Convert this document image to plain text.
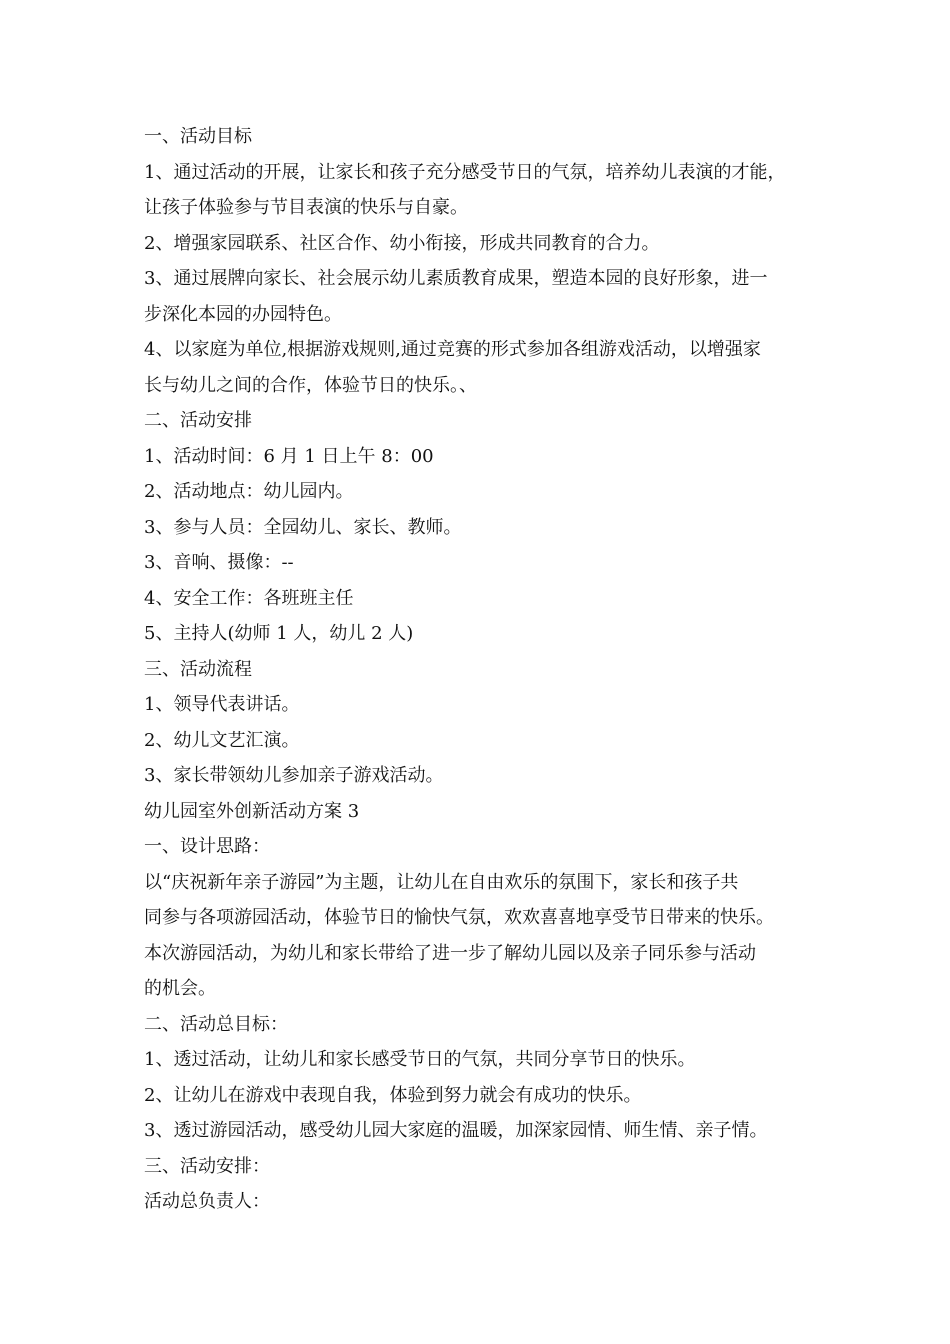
一、活动目标
1、通过活动的开展，让家长和孩子充分感受节日的气氛，培养幼儿表演的才能，
让孩子体验参与节目表演的快乐与自豪。
2、增强家园联系、社区合作、幼小衔接，形成共同教育的合力。
3、通过展牌向家长、社会展示幼儿素质教育成果，塑造本园的良好形象，进一
步深化本园的办园特色。
4、以家庭为单位,根据游戏规则,通过竞赛的形式参加各组游戏活动，以增强家
长与幼儿之间的合作，体验节日的快乐。、
二、活动安排
1、活动时间：6 月 1 日上午 8：00
2、活动地点：幼儿园内。
3、参与人员：全园幼儿、家长、教师。
3、音响、摄像：--
4、安全工作：各班班主任
5、主持人(幼师 1 人，幼儿 2 人)
三、活动流程
1、领导代表讲话。
2、幼儿文艺汇演。
3、家长带领幼儿参加亲子游戏活动。
幼儿园室外创新活动方案 3
一、设计思路：
以“庆祝新年亲子游园”为主题，让幼儿在自由欢乐的氛围下，家长和孩子共
同参与各项游园活动，体验节日的愉快气氛，欢欢喜喜地享受节日带来的快乐。
本次游园活动，为幼儿和家长带给了进一步了解幼儿园以及亲子同乐参与活动
的机会。
二、活动总目标：
1、透过活动，让幼儿和家长感受节日的气氛，共同分享节日的快乐。
2、让幼儿在游戏中表现自我，体验到努力就会有成功的快乐。
3、透过游园活动，感受幼儿园大家庭的温暖，加深家园情、师生情、亲子情。
三、活动安排：
活动总负责人：
